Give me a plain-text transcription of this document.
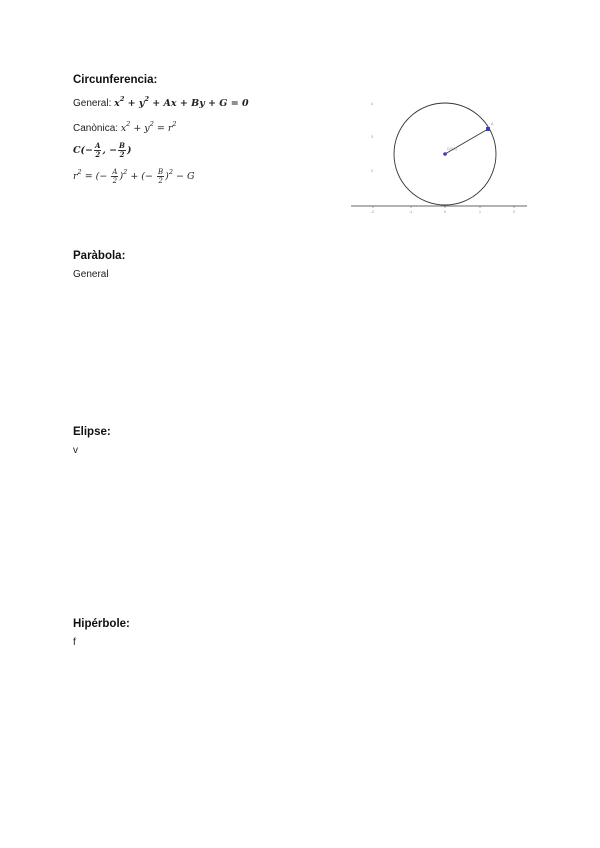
Circunferencia:
General: $x^2 + y^2 + Ax + By + G = 0$
Canònica: $x^2 + y^2 = r^2$
$C(- \frac{A}{2}$ , − $\frac{B}{2}$ )
$r^2$ = (− $\frac{A}{2} )^2$ + (− $\frac{B}{2} )^2 - G$
-2	-1	0	1	2
4
3
2
C(0,0)
A
Paràbola:
General
Elipse:
v
Hipérbole:
f
